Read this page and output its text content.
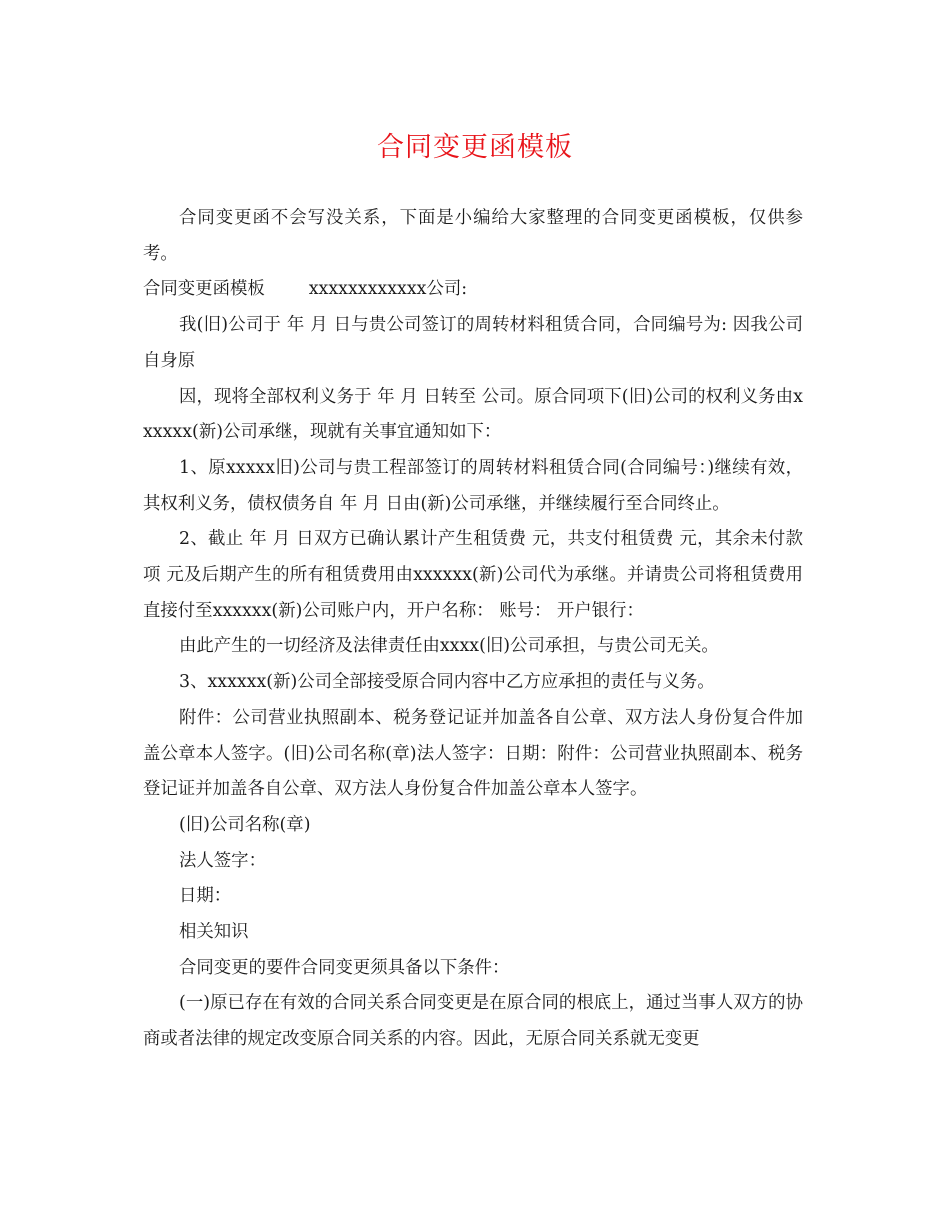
合同变更函模板

合同变更函不会写没关系，下面是小编给大家整理的合同变更函模板，仅供参考。

合同变更函模板	xxxxxxxxxxxx公司:

我(旧)公司于 年 月 日与贵公司签订的周转材料租赁合同，合同编号为: 因我公司自身原

因，现将全部权利义务于 年 月 日转至 公司。原合同项下(旧)公司的权利义务由xxxxxx(新)公司承继，现就有关事宜通知如下：

1、原xxxxx旧)公司与贵工程部签订的周转材料租赁合同(合同编号：)继续有效，其权利义务，债权债务自 年 月 日由(新)公司承继，并继续履行至合同终止。

2、截止 年 月 日双方已确认累计产生租赁费 元，共支付租赁费 元，其余未付款项 元及后期产生的所有租赁费用由xxxxxx(新)公司代为承继。并请贵公司将租赁费用直接付至xxxxxx(新)公司账户内，开户名称： 账号： 开户银行：

由此产生的一切经济及法律责任由xxxx(旧)公司承担，与贵公司无关。

3、xxxxxx(新)公司全部接受原合同内容中乙方应承担的责任与义务。

附件：公司营业执照副本、税务登记证并加盖各自公章、双方法人身份复合件加盖公章本人签字。(旧)公司名称(章)法人签字：日期：附件：公司营业执照副本、税务登记证并加盖各自公章、双方法人身份复合件加盖公章本人签字。

(旧)公司名称(章)

法人签字：

日期：

相关知识

合同变更的要件合同变更须具备以下条件：

(一)原已存在有效的合同关系合同变更是在原合同的根底上，通过当事人双方的协商或者法律的规定改变原合同关系的内容。因此，无原合同关系就无变更
